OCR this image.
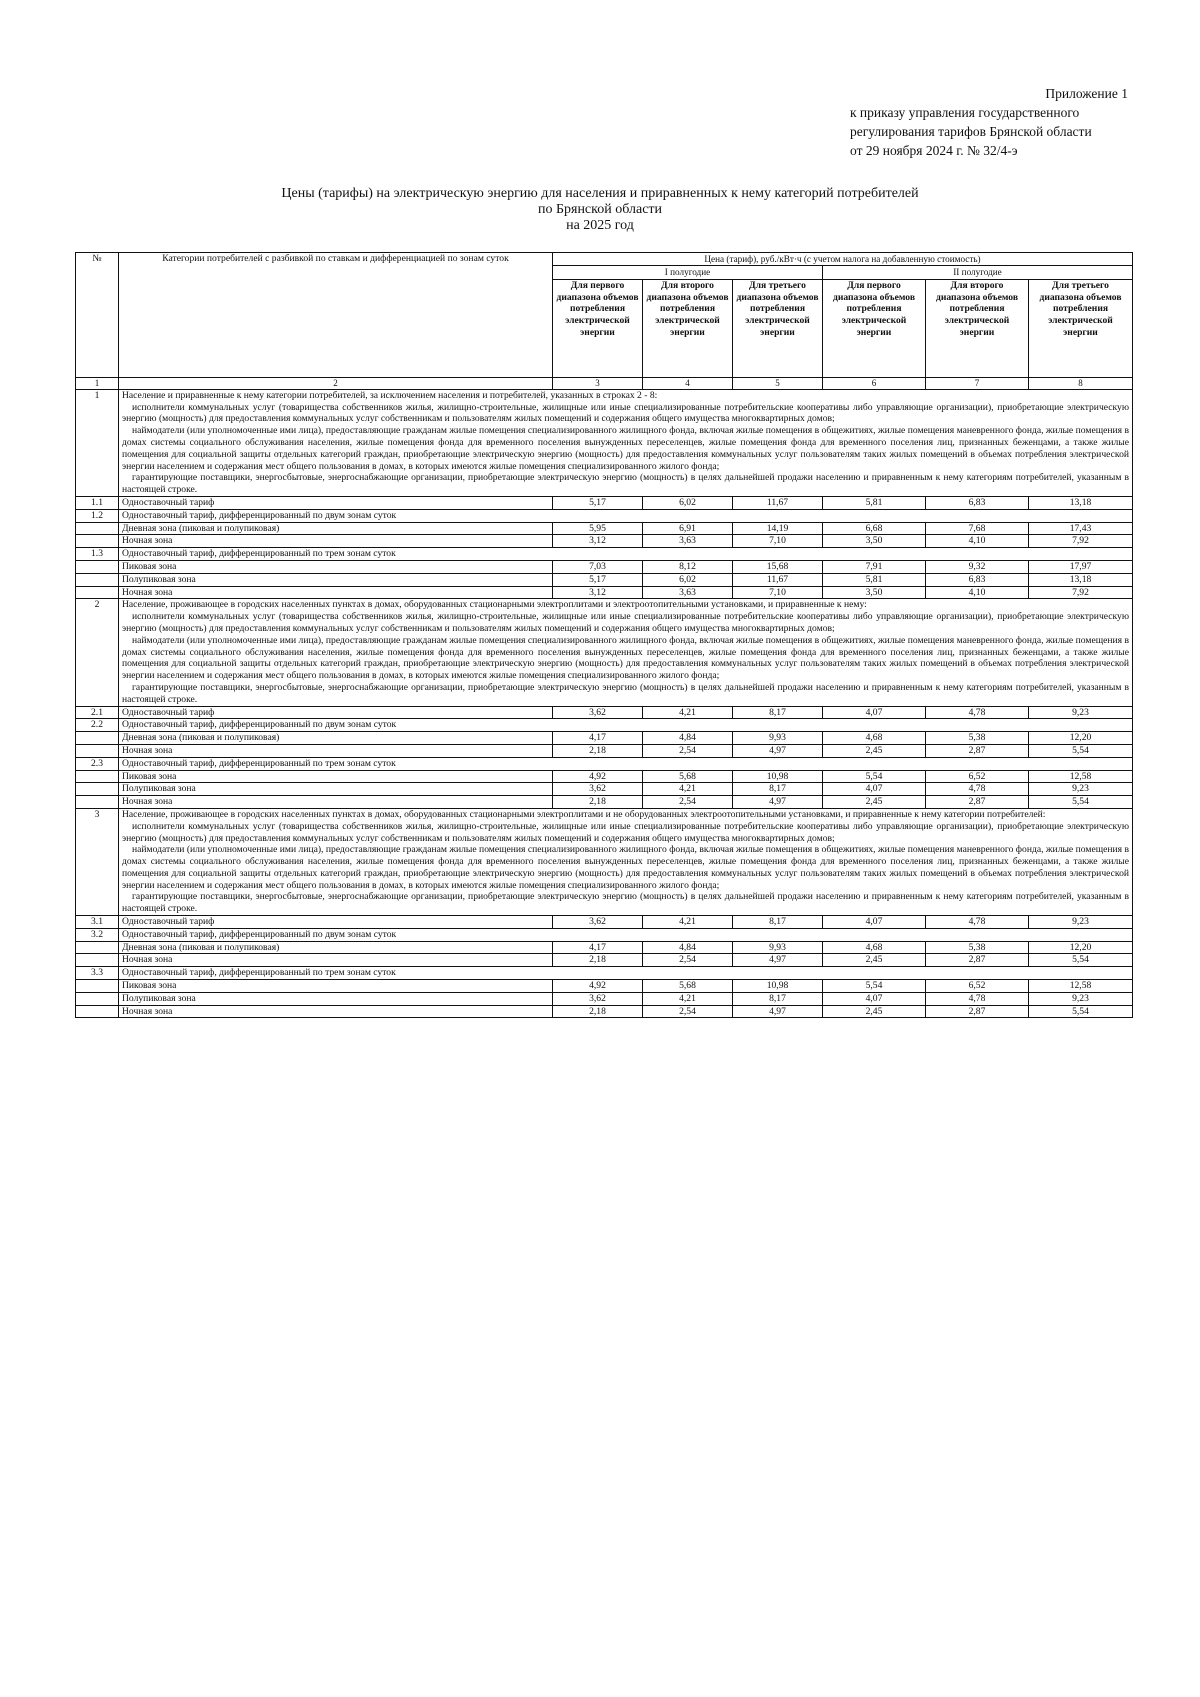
Приложение 1
к приказу управления государственного
регулирования тарифов Брянской области
от 29 ноября 2024 г. № 32/4-э
Цены (тарифы) на электрическую энергию для населения и приравненных к нему категорий потребителей
по Брянской области
на 2025 год
№	Категории потребителей с разбивкой по ставкам и дифференциацией по зонам суток	Цена (тариф), руб./кВт·ч (с учетом налога на добавленную стоимость)					
		I полугодие			II полугодие		
		Для первого диапазона объемов потребления электрической энергии	Для второго диапазона объемов потребления электрической энергии	Для третьего диапазона объемов потребления электрической энергии	Для первого диапазона объемов потребления электрической энергии	Для второго диапазона объемов потребления электрической энергии	Для третьего диапазона объемов потребления электрической энергии
1	2	3	4	5	6	7	8
1	Население и приравненные к нему категории потребителей, за исключением населения и потребителей, указанных в строках 2 - 8:

исполнители коммунальных услуг (товарищества собственников жилья, жилищно-строительные, жилищные или иные специализированные потребительские кооперативы либо управляющие организации), приобретающие электрическую энергию (мощность) для предоставления коммунальных услуг собственникам и пользователям жилых помещений и содержания общего имущества многоквартирных домов;

наймодатели (или уполномоченные ими лица), предоставляющие гражданам жилые помещения специализированного жилищного фонда, включая жилые помещения в общежитиях, жилые помещения маневренного фонда, жилые помещения в домах системы социального обслуживания населения, жилые помещения фонда для временного поселения вынужденных переселенцев, жилые помещения фонда для временного поселения лиц, признанных беженцами, а также жилые помещения для социальной защиты отдельных категорий граждан, приобретающие электрическую энергию (мощность) для предоставления коммунальных услуг пользователям таких жилых помещений в объемах потребления электрической энергии населением и содержания мест общего пользования в домах, в которых имеются жилые помещения специализированного жилого фонда;

гарантирующие поставщики, энергосбытовые, энергоснабжающие организации, приобретающие электрическую энергию (мощность) в целях дальнейшей продажи населению и приравненным к нему категориям потребителей, указанным в настоящей строке.						

1.1	Одноставочный тариф	5,17	6,02	11,67	5,81	6,83	13,18
1.2	Одноставочный тариф, дифференцированный по двум зонам суток						
	Дневная зона (пиковая и полупиковая)	5,95	6,91	14,19	6,68	7,68	17,43
	Ночная зона	3,12	3,63	7,10	3,50	4,10	7,92
1.3	Одноставочный тариф, дифференцированный по трем зонам суток						
	Пиковая зона	7,03	8,12	15,68	7,91	9,32	17,97
	Полупиковая зона	5,17	6,02	11,67	5,81	6,83	13,18
	Ночная зона	3,12	3,63	7,10	3,50	4,10	7,92
2	Население, проживающее в городских населенных пунктах в домах, оборудованных стационарными электроплитами и электроотопительными установками, и приравненные к нему:

исполнители коммунальных услуг (товарищества собственников жилья, жилищно-строительные, жилищные или иные специализированные потребительские кооперативы либо управляющие организации), приобретающие электрическую энергию (мощность) для предоставления коммунальных услуг собственникам и пользователям жилых помещений и содержания общего имущества многоквартирных домов;

наймодатели (или уполномоченные ими лица), предоставляющие гражданам жилые помещения специализированного жилищного фонда, включая жилые помещения в общежитиях, жилые помещения маневренного фонда, жилые помещения в домах системы социального обслуживания населения, жилые помещения фонда для временного поселения вынужденных переселенцев, жилые помещения фонда для временного поселения лиц, признанных беженцами, а также жилые помещения для социальной защиты отдельных категорий граждан, приобретающие электрическую энергию (мощность) для предоставления коммунальных услуг пользователям таких жилых помещений в объемах потребления электрической энергии населением и содержания мест общего пользования в домах, в которых имеются жилые помещения специализированного жилого фонда;

гарантирующие поставщики, энергосбытовые, энергоснабжающие организации, приобретающие электрическую энергию (мощность) в целях дальнейшей продажи населению и приравненным к нему категориям потребителей, указанным в настоящей строке.						

2.1	Одноставочный тариф	3,62	4,21	8,17	4,07	4,78	9,23
2.2	Одноставочный тариф, дифференцированный по двум зонам суток						
	Дневная зона (пиковая и полупиковая)	4,17	4,84	9,93	4,68	5,38	12,20
	Ночная зона	2,18	2,54	4,97	2,45	2,87	5,54
2.3	Одноставочный тариф, дифференцированный по трем зонам суток						
	Пиковая зона	4,92	5,68	10,98	5,54	6,52	12,58
	Полупиковая зона	3,62	4,21	8,17	4,07	4,78	9,23
	Ночная зона	2,18	2,54	4,97	2,45	2,87	5,54
3	Население, проживающее в городских населенных пунктах в домах, оборудованных стационарными электроплитами и не оборудованных электроотопительными установками, и приравненные к нему категории потребителей:

исполнители коммунальных услуг (товарищества собственников жилья, жилищно-строительные, жилищные или иные специализированные потребительские кооперативы либо управляющие организации), приобретающие электрическую энергию (мощность) для предоставления коммунальных услуг собственникам и пользователям жилых помещений и содержания общего имущества многоквартирных домов;

наймодатели (или уполномоченные ими лица), предоставляющие гражданам жилые помещения специализированного жилищного фонда, включая жилые помещения в общежитиях, жилые помещения маневренного фонда, жилые помещения в домах системы социального обслуживания населения, жилые помещения фонда для временного поселения вынужденных переселенцев, жилые помещения фонда для временного поселения лиц, признанных беженцами, а также жилые помещения для социальной защиты отдельных категорий граждан, приобретающие электрическую энергию (мощность) для предоставления коммунальных услуг пользователям таких жилых помещений в объемах потребления электрической энергии населением и содержания мест общего пользования в домах, в которых имеются жилые помещения специализированного жилого фонда;

гарантирующие поставщики, энергосбытовые, энергоснабжающие организации, приобретающие электрическую энергию (мощность) в целях дальнейшей продажи населению и приравненным к нему категориям потребителей, указанным в настоящей строке.						

3.1	Одноставочный тариф	3,62	4,21	8,17	4,07	4,78	9,23
3.2	Одноставочный тариф, дифференцированный по двум зонам суток						
	Дневная зона (пиковая и полупиковая)	4,17	4,84	9,93	4,68	5,38	12,20
	Ночная зона	2,18	2,54	4,97	2,45	2,87	5,54
3.3	Одноставочный тариф, дифференцированный по трем зонам суток						
	Пиковая зона	4,92	5,68	10,98	5,54	6,52	12,58
	Полупиковая зона	3,62	4,21	8,17	4,07	4,78	9,23
	Ночная зона	2,18	2,54	4,97	2,45	2,87	5,54
